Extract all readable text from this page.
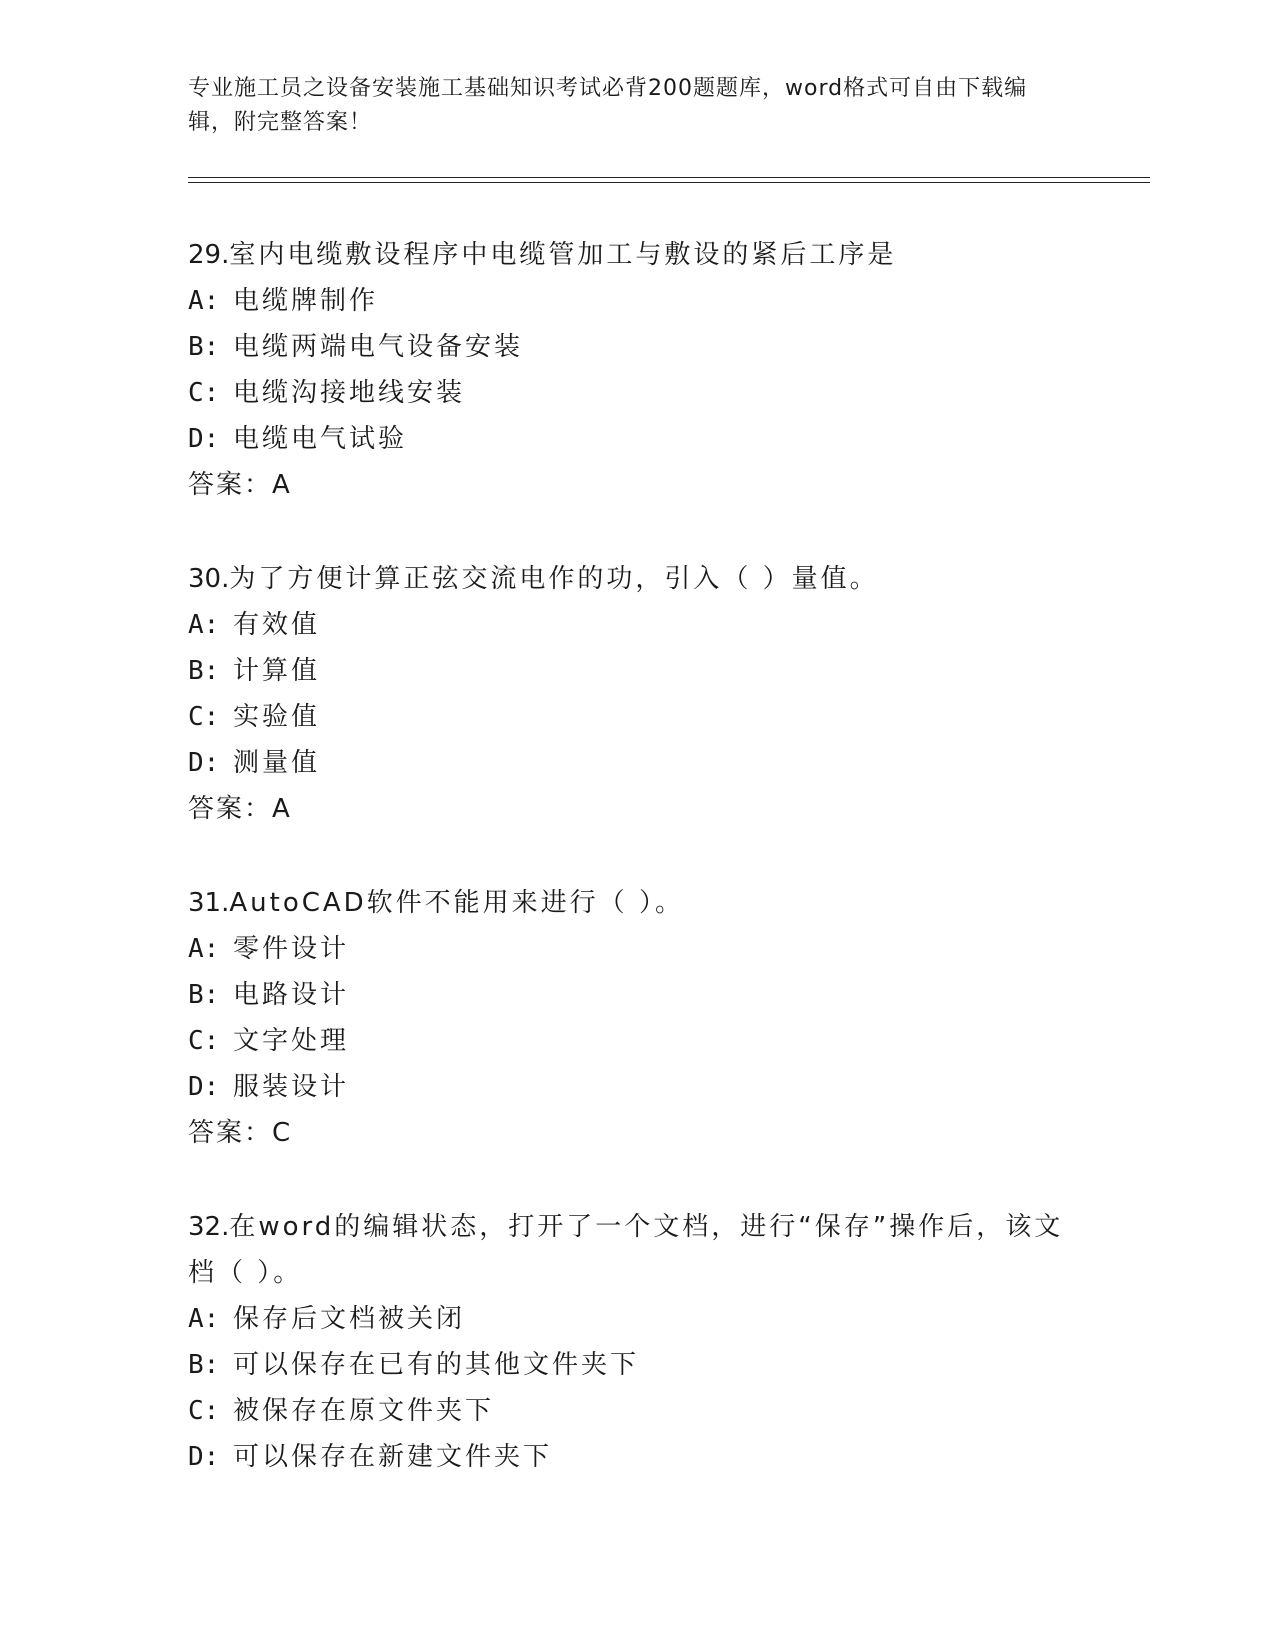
专业施工员之设备安装施工基础知识考试必背200题题库，word格式可自由下载编辑，附完整答案！
29.室内电缆敷设程序中电缆管加工与敷设的紧后工序是
A: 电缆牌制作
B: 电缆两端电气设备安装
C: 电缆沟接地线安装
D: 电缆电气试验
答案：A
30.为了方便计算正弦交流电作的功，引入（ ）量值。
A: 有效值
B: 计算值
C: 实验值
D: 测量值
答案：A
31.AutoCAD软件不能用来进行（ ）。
A: 零件设计
B: 电路设计
C: 文字处理
D: 服装设计
答案：C
32.在word的编辑状态，打开了一个文档，进行“保存”操作后，该文档（ ）。
A: 保存后文档被关闭
B: 可以保存在已有的其他文件夹下
C: 被保存在原文件夹下
D: 可以保存在新建文件夹下
